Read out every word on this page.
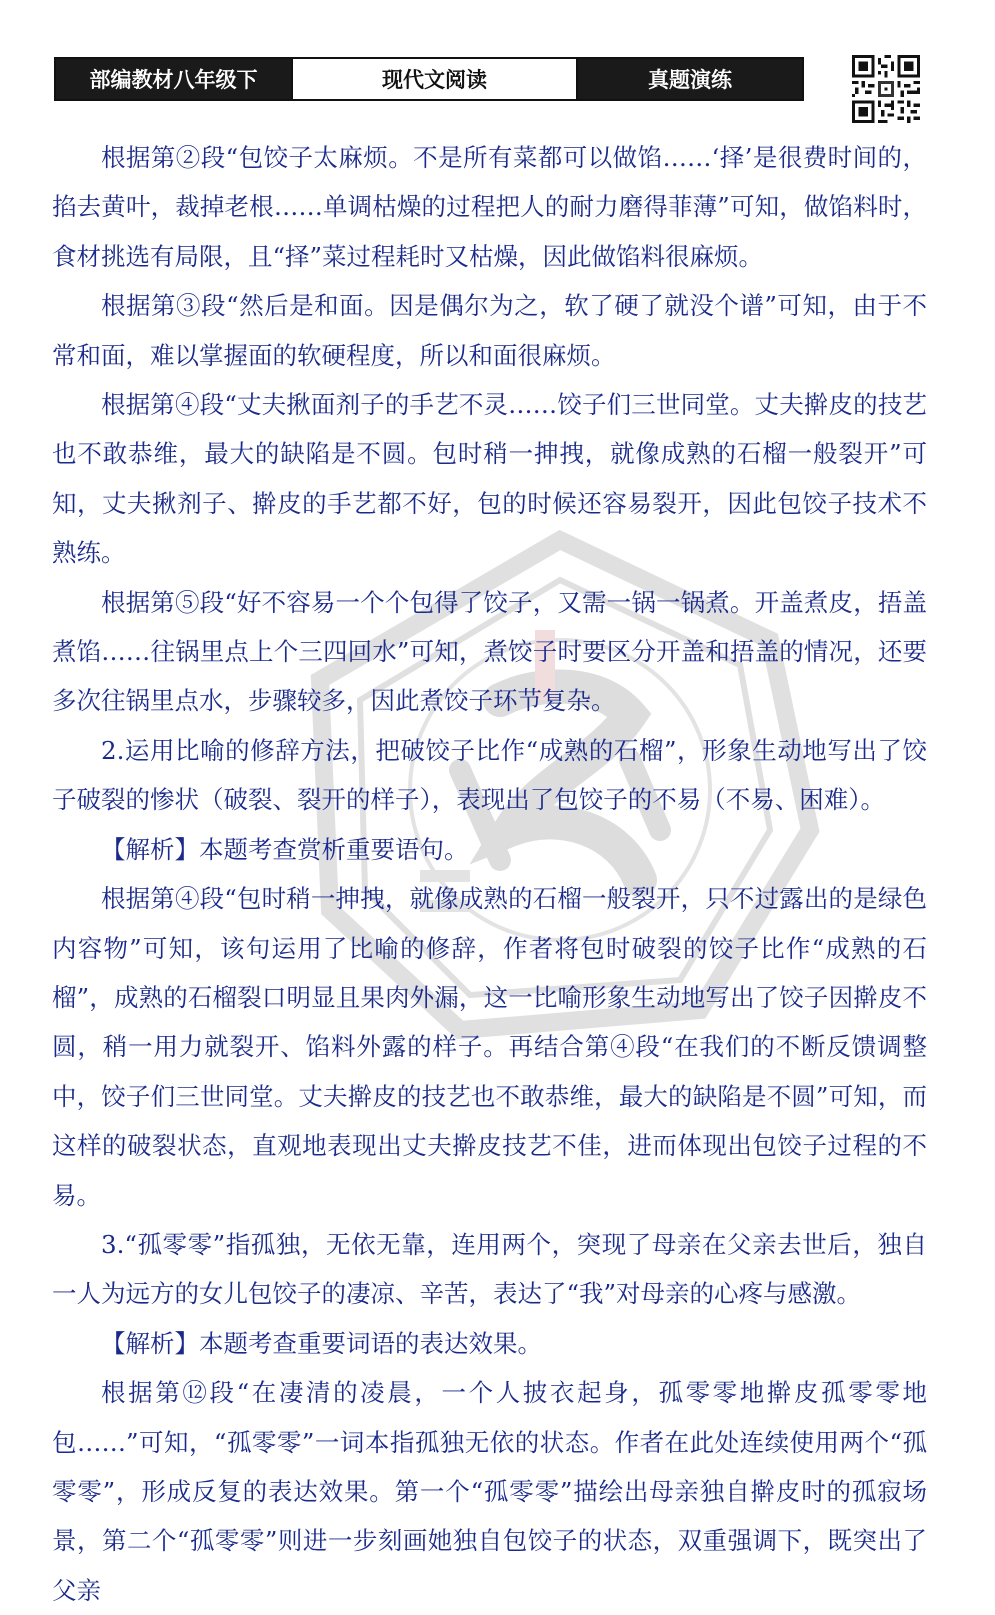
部编教材八年级下	现代文阅读	真题演练

根据第②段“包饺子太麻烦。不是所有菜都可以做馅……‘择’是很费时间的，掐去黄叶，裁掉老根……单调枯燥的过程把人的耐力磨得菲薄”可知，做馅料时，食材挑选有局限，且“择”菜过程耗时又枯燥，因此做馅料很麻烦。

根据第③段“然后是和面。因是偶尔为之，软了硬了就没个谱”可知，由于不常和面，难以掌握面的软硬程度，所以和面很麻烦。

根据第④段“丈夫揪面剂子的手艺不灵……饺子们三世同堂。丈夫擀皮的技艺也不敢恭维，最大的缺陷是不圆。包时稍一抻拽，就像成熟的石榴一般裂开”可知，丈夫揪剂子、擀皮的手艺都不好，包的时候还容易裂开，因此包饺子技术不熟练。

根据第⑤段“好不容易一个个包得了饺子，又需一锅一锅煮。开盖煮皮，捂盖煮馅……往锅里点上个三四回水”可知，煮饺子时要区分开盖和捂盖的情况，还要多次往锅里点水，步骤较多，因此煮饺子环节复杂。

2.运用比喻的修辞方法，把破饺子比作“成熟的石榴”，形象生动地写出了饺子破裂的惨状（破裂、裂开的样子），表现出了包饺子的不易（不易、困难）。

【解析】本题考查赏析重要语句。

根据第④段“包时稍一抻拽，就像成熟的石榴一般裂开，只不过露出的是绿色内容物”可知，该句运用了比喻的修辞，作者将包时破裂的饺子比作“成熟的石榴”，成熟的石榴裂口明显且果肉外漏，这一比喻形象生动地写出了饺子因擀皮不圆，稍一用力就裂开、馅料外露的样子。再结合第④段“在我们的不断反馈调整中，饺子们三世同堂。丈夫擀皮的技艺也不敢恭维，最大的缺陷是不圆”可知，而这样的破裂状态，直观地表现出丈夫擀皮技艺不佳，进而体现出包饺子过程的不易。

3.“孤零零”指孤独，无依无靠，连用两个，突现了母亲在父亲去世后，独自一人为远方的女儿包饺子的凄凉、辛苦，表达了“我”对母亲的心疼与感激。

【解析】本题考查重要词语的表达效果。

根据第⑫段“在凄清的凌晨，一个人披衣起身，孤零零地擀皮孤零零地包……”可知，“孤零零”一词本指孤独无依的状态。作者在此处连续使用两个“孤零零”，形成反复的表达效果。第一个“孤零零”描绘出母亲独自擀皮时的孤寂场景，第二个“孤零零”则进一步刻画她独自包饺子的状态，双重强调下，既突出了父亲
